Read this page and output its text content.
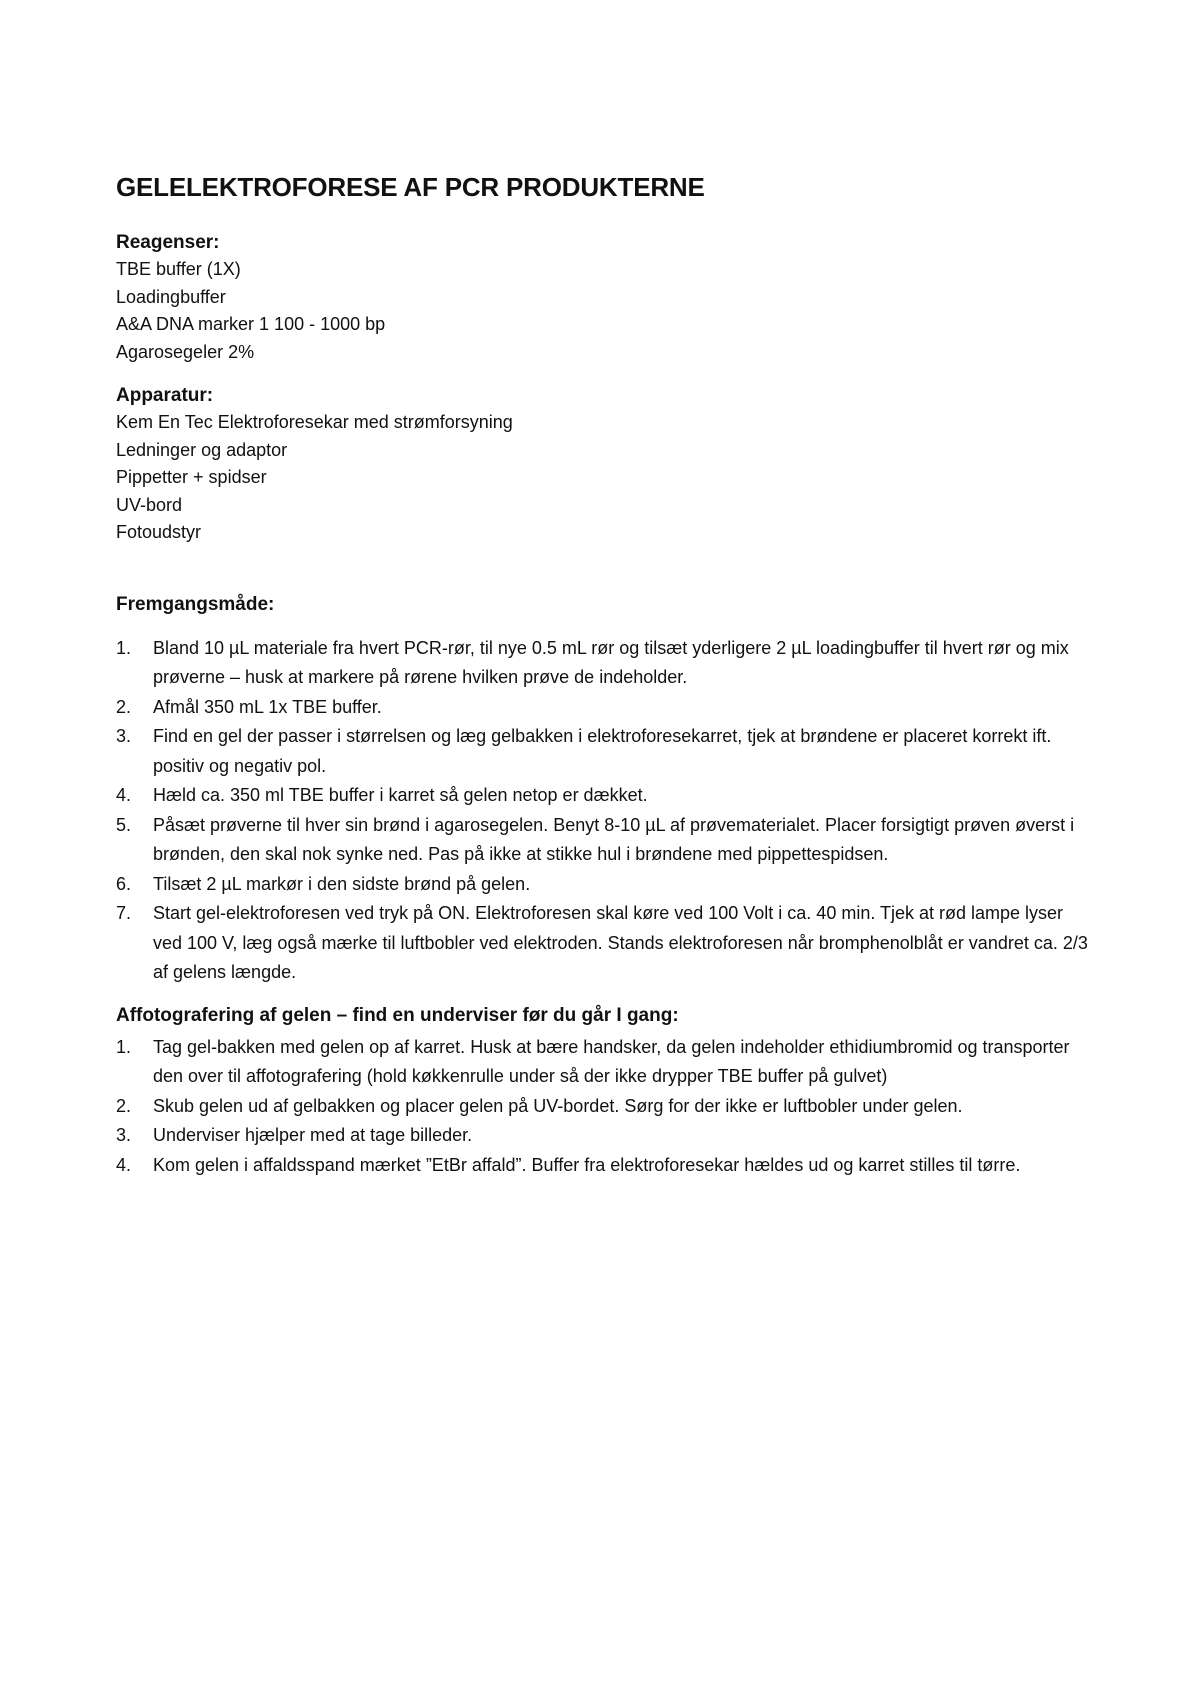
GELELEKTROFORESE AF PCR PRODUKTERNE
Reagenser:
TBE buffer (1X)
Loadingbuffer
A&A DNA marker 1 100 - 1000 bp
Agarosegeler 2%
Apparatur:
Kem En Tec Elektroforesekar med strømforsyning
Ledninger og adaptor
Pippetter + spidser
UV-bord
Fotoudstyr
Fremgangsmåde:
1. Bland 10 µL materiale fra hvert PCR-rør, til nye 0.5 mL rør og tilsæt yderligere 2 µL loadingbuffer til hvert rør og mix prøverne – husk at markere på rørene hvilken prøve de indeholder.
2. Afmål 350 mL 1x TBE buffer.
3. Find en gel der passer i størrelsen og læg gelbakken i elektroforesekarret, tjek at brøndene er placeret korrekt ift. positiv og negativ pol.
4. Hæld ca. 350 ml TBE buffer i karret så gelen netop er dækket.
5. Påsæt prøverne til hver sin brønd i agarosegelen. Benyt 8-10 µL af prøvematerialet. Placer forsigtigt prøven øverst i brønden, den skal nok synke ned. Pas på ikke at stikke hul i brøndene med pippettespidsen.
6. Tilsæt 2 µL markør i den sidste brønd på gelen.
7. Start gel-elektroforesen ved tryk på ON. Elektroforesen skal køre ved 100 Volt i ca. 40 min. Tjek at rød lampe lyser ved 100 V, læg også mærke til luftbobler ved elektroden. Stands elektroforesen når bromphenolblåt er vandret ca. 2/3 af gelens længde.
Affotografering af gelen – find en underviser før du går I gang:
1. Tag gel-bakken med gelen op af karret. Husk at bære handsker, da gelen indeholder ethidiumbromid og transporter den over til affotografering (hold køkkenrulle under så der ikke drypper TBE buffer på gulvet)
2. Skub gelen ud af gelbakken og placer gelen på UV-bordet. Sørg for der ikke er luftbobler under gelen.
3. Underviser hjælper med at tage billeder.
4. Kom gelen i affaldsspand mærket ”EtBr affald”. Buffer fra elektroforesekar hældes ud og karret stilles til tørre.
